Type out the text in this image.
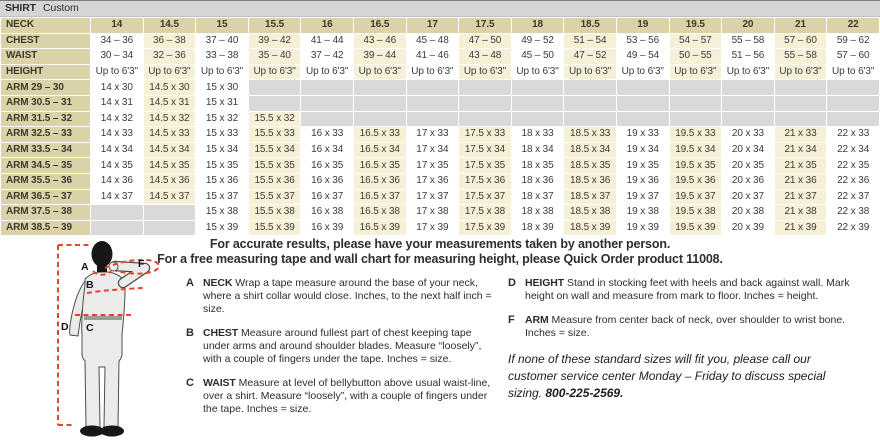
SHIRT Custom
NECK	14	14.5	15	15.5	16	16.5	17	17.5	18	18.5	19	19.5	20	21	22
CHEST	34 – 36	36 – 38	37 – 40	39 – 42	41 – 44	43 – 46	45 – 48	47 – 50	49 – 52	51 – 54	53 – 56	54 – 57	55 – 58	57 – 60	59 – 62
WAIST	30 – 34	32 – 36	33 – 38	35 – 40	37 – 42	39 – 44	41 – 46	43 – 48	45 – 50	47 – 52	49 – 54	50 – 55	51 – 56	55 – 58	57 – 60
HEIGHT	Up to 6'3"	Up to 6'3"	Up to 6'3"	Up to 6'3"	Up to 6'3"	Up to 6'3"	Up to 6'3"	Up to 6'3"	Up to 6'3"	Up to 6'3"	Up to 6'3"	Up to 6'3"	Up to 6'3"	Up to 6'3"	Up to 6'3"
ARM 29 – 30	14 x 30	14.5 x 30	15 x 30												
ARM 30.5 – 31	14 x 31	14.5 x 31	15 x 31												
ARM 31.5 – 32	14 x 32	14.5 x 32	15 x 32	15.5 x 32											
ARM 32.5 – 33	14 x 33	14.5 x 33	15 x 33	15.5 x 33	16 x 33	16.5 x 33	17 x 33	17.5 x 33	18 x 33	18.5 x 33	19 x 33	19.5 x 33	20 x 33	21 x 33	22 x 33
ARM 33.5 – 34	14 x 34	14.5 x 34	15 x 34	15.5 x 34	16 x 34	16.5 x 34	17 x 34	17.5 x 34	18 x 34	18.5 x 34	19 x 34	19.5 x 34	20 x 34	21 x 34	22 x 34
ARM 34.5 – 35	14 x 35	14.5 x 35	15 x 35	15.5 x 35	16 x 35	16.5 x 35	17 x 35	17.5 x 35	18 x 35	18.5 x 35	19 x 35	19.5 x 35	20 x 35	21 x 35	22 x 35
ARM 35.5 – 36	14 x 36	14.5 x 36	15 x 36	15.5 x 36	16 x 36	16.5 x 36	17 x 36	17.5 x 36	18 x 36	18.5 x 36	19 x 36	19.5 x 36	20 x 36	21 x 36	22 x 36
ARM 36.5 – 37	14 x 37	14.5 x 37	15 x 37	15.5 x 37	16 x 37	16.5 x 37	17 x 37	17.5 x 37	18 x 37	18.5 x 37	19 x 37	19.5 x 37	20 x 37	21 x 37	22 x 37
ARM 37.5 – 38			15 x 38	15.5 x 38	16 x 38	16.5 x 38	17 x 38	17.5 x 38	18 x 38	18.5 x 38	19 x 38	19.5 x 38	20 x 38	21 x 38	22 x 38
ARM 38.5 – 39			15 x 39	15.5 x 39	16 x 39	16.5 x 39	17 x 39	17.5 x 39	18 x 39	18.5 x 39	19 x 39	19.5 x 39	20 x 39	21 x 39	22 x 39
For accurate results, please have your measurements taken by another person.
For a free measuring tape and wall chart for measuring height, please Quick Order product 11008.
A
B
C
D
F
A NECK Wrap a tape measure around the base of your neck, where a shirt collar would close. Inches, to the next half inch = size.

B CHEST Measure around fullest part of chest keeping tape under arms and around shoulder blades. Measure “loosely”, with a couple of fingers under the tape. Inches = size.

C WAIST Measure at level of bellybutton above usual waist-line, over a shirt. Measure “loosely”, with a couple of fingers under the tape. Inches = size.

D HEIGHT Stand in stocking feet with heels and back against wall. Mark height on wall and measure from mark to floor. Inches = height.

F ARM Measure from center back of neck, over shoulder to wrist bone. Inches = size.

If none of these standard sizes will fit you, please call our customer service center Monday – Friday to discuss special sizing. 800-225-2569.
